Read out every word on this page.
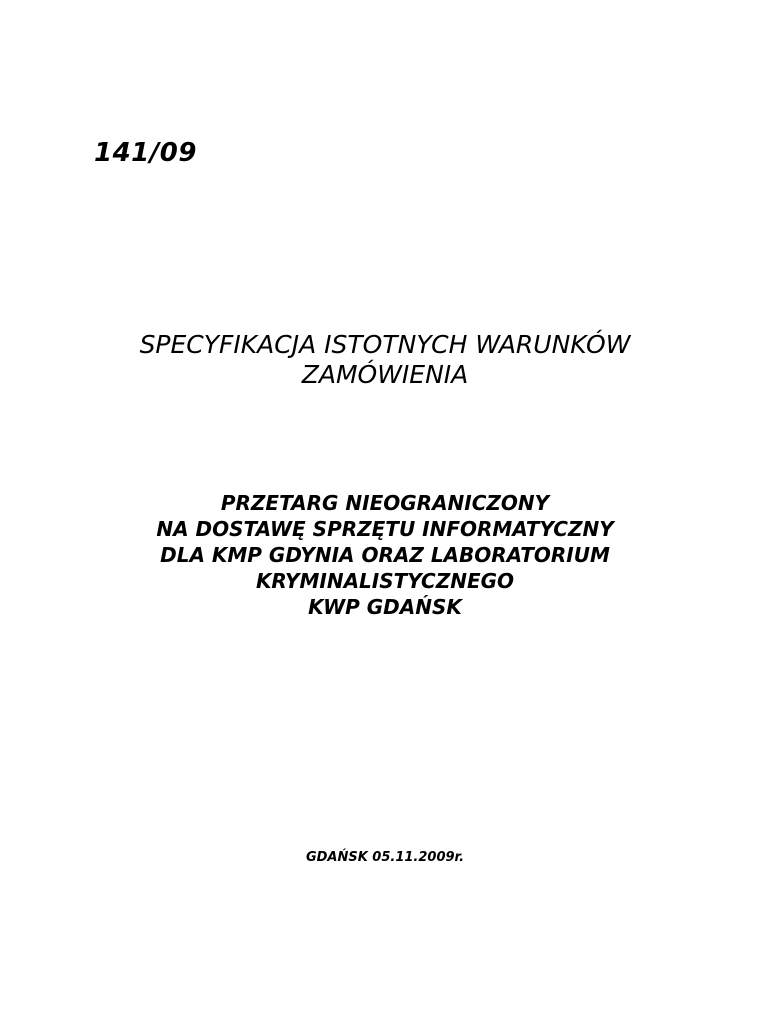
141/09
SPECYFIKACJA ISTOTNYCH WARUNKÓW
ZAMÓWIENIA
PRZETARG NIEOGRANICZONY
NA DOSTAWĘ SPRZĘTU INFORMATYCZNY
DLA KMP GDYNIA ORAZ LABORATORIUM
KRYMINALISTYCZNEGO
KWP GDAŃSK
GDAŃSK 05.11.2009r.
